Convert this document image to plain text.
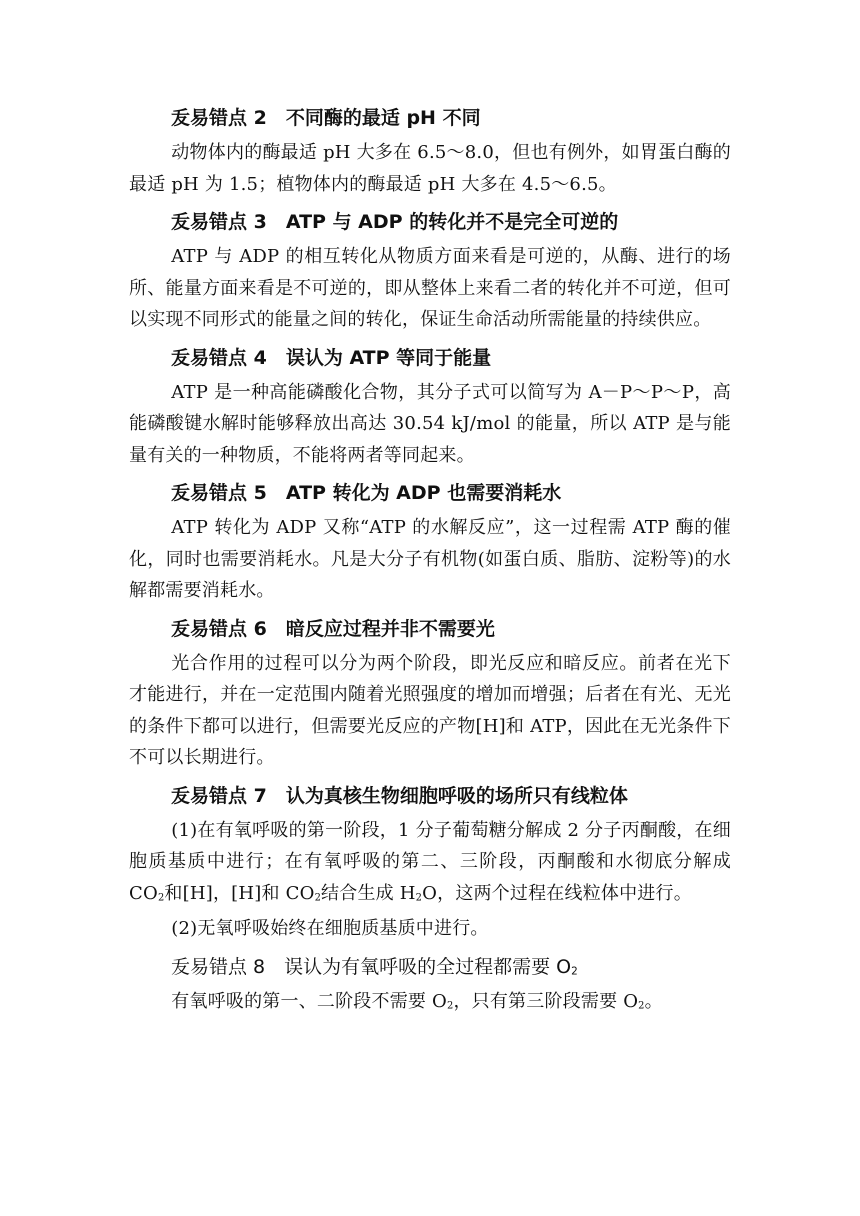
叐易错点 2　不同酶的最适 pH 不同

动物体内的酶最适 pH 大多在 6.5～8.0，但也有例外，如胃蛋白酶的最适 pH 为 1.5；植物体内的酶最适 pH 大多在 4.5～6.5。

叐易错点 3　ATP 与 ADP 的转化并不是完全可逆的

ATP 与 ADP 的相互转化从物质方面来看是可逆的，从酶、进行的场所、能量方面来看是不可逆的，即从整体上来看二者的转化并不可逆，但可以实现不同形式的能量之间的转化，保证生命活动所需能量的持续供应。

叐易错点 4　误认为 ATP 等同于能量

ATP 是一种高能磷酸化合物，其分子式可以简写为 A－P～P～P，高能磷酸键水解时能够释放出高达 30.54 kJ/mol 的能量，所以 ATP 是与能量有关的一种物质，不能将两者等同起来。

叐易错点 5　ATP 转化为 ADP 也需要消耗水

ATP 转化为 ADP 又称“ATP 的水解反应”，这一过程需 ATP 酶的催化，同时也需要消耗水。凡是大分子有机物(如蛋白质、脂肪、淀粉等)的水解都需要消耗水。

叐易错点 6　暗反应过程并非不需要光

光合作用的过程可以分为两个阶段，即光反应和暗反应。前者在光下才能进行，并在一定范围内随着光照强度的增加而增强；后者在有光、无光的条件下都可以进行，但需要光反应的产物[H]和 ATP，因此在无光条件下不可以长期进行。

叐易错点 7　认为真核生物细胞呼吸的场所只有线粒体

(1)在有氧呼吸的第一阶段，1 分子葡萄糖分解成 2 分子丙酮酸，在细胞质基质中进行；在有氧呼吸的第二、三阶段，丙酮酸和水彻底分解成 $CO_2$和[H]，[H]和 $CO_2$结合生成 $H_2O$，这两个过程在线粒体中进行。

(2)无氧呼吸始终在细胞质基质中进行。

叐易错点 8　误认为有氧呼吸的全过程都需要 $O_2$

有氧呼吸的第一、二阶段不需要 $O_2$，只有第三阶段需要 $O_2$。
